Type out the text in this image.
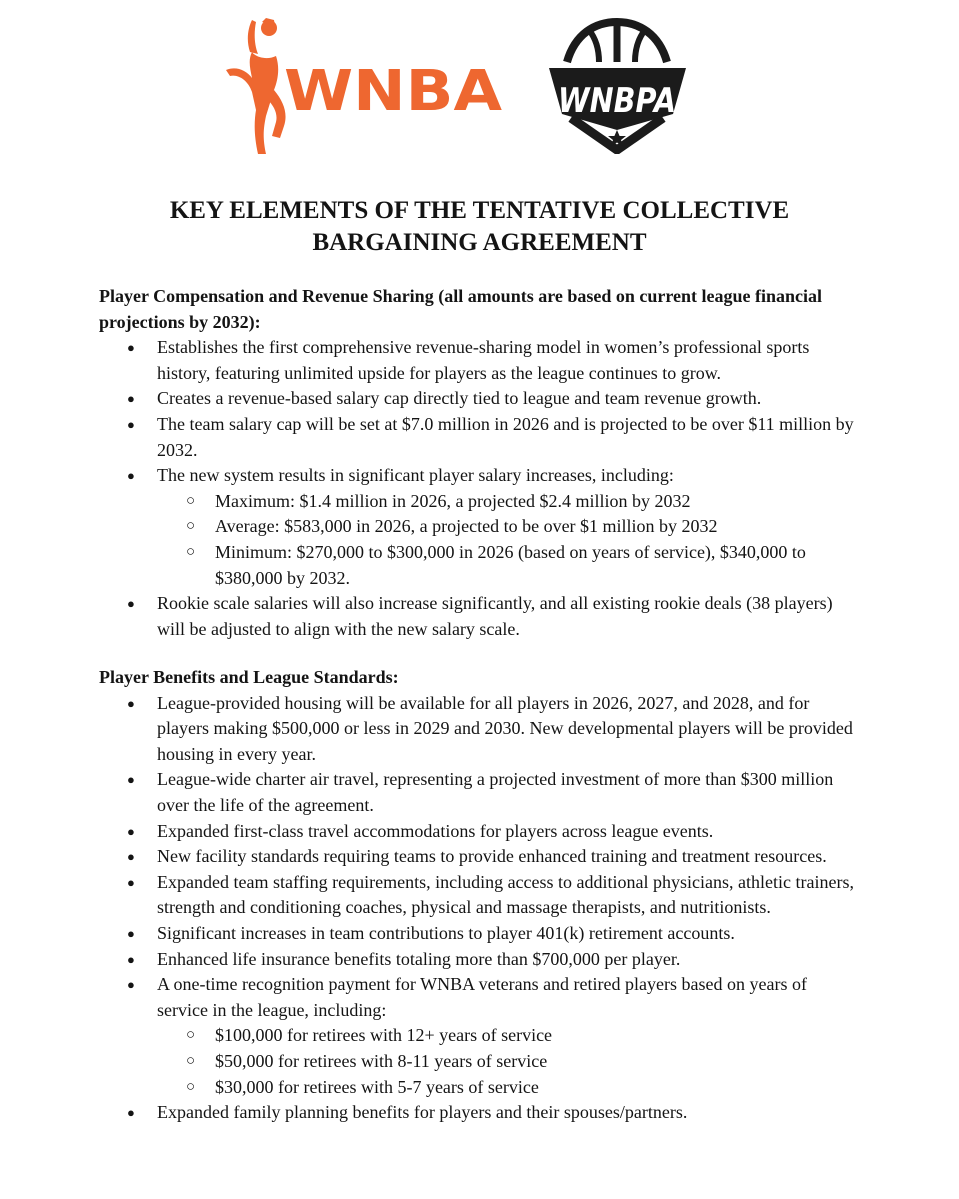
WNBA WNBPA
KEY ELEMENTS OF THE TENTATIVE COLLECTIVE
BARGAINING AGREEMENT

Player Compensation and Revenue Sharing (all amounts are based on current league financial projections by 2032):

● Establishes the first comprehensive revenue-sharing model in women’s professional sports history, featuring unlimited upside for players as the league continues to grow.
● Creates a revenue-based salary cap directly tied to league and team revenue growth.
● The team salary cap will be set at $7.0 million in 2026 and is projected to be over $11 million by 2032.
● The new system results in significant player salary increases, including:
○ Maximum: $1.4 million in 2026, a projected $2.4 million by 2032
○ Average: $583,000 in 2026, a projected to be over $1 million by 2032
○ Minimum: $270,000 to $300,000 in 2026 (based on years of service), $340,000 to $380,000 by 2032.
● Rookie scale salaries will also increase significantly, and all existing rookie deals (38 players) will be adjusted to align with the new salary scale.

Player Benefits and League Standards:

● League-provided housing will be available for all players in 2026, 2027, and 2028, and for players making $500,000 or less in 2029 and 2030. New developmental players will be provided housing in every year.
● League-wide charter air travel, representing a projected investment of more than $300 million over the life of the agreement.
● Expanded first-class travel accommodations for players across league events.
● New facility standards requiring teams to provide enhanced training and treatment resources.
● Expanded team staffing requirements, including access to additional physicians, athletic trainers, strength and conditioning coaches, physical and massage therapists, and nutritionists.
● Significant increases in team contributions to player 401(k) retirement accounts.
● Enhanced life insurance benefits totaling more than $700,000 per player.
● A one-time recognition payment for WNBA veterans and retired players based on years of service in the league, including:
○ $100,000 for retirees with 12+ years of service
○ $50,000 for retirees with 8-11 years of service
○ $30,000 for retirees with 5-7 years of service
● Expanded family planning benefits for players and their spouses/partners.
